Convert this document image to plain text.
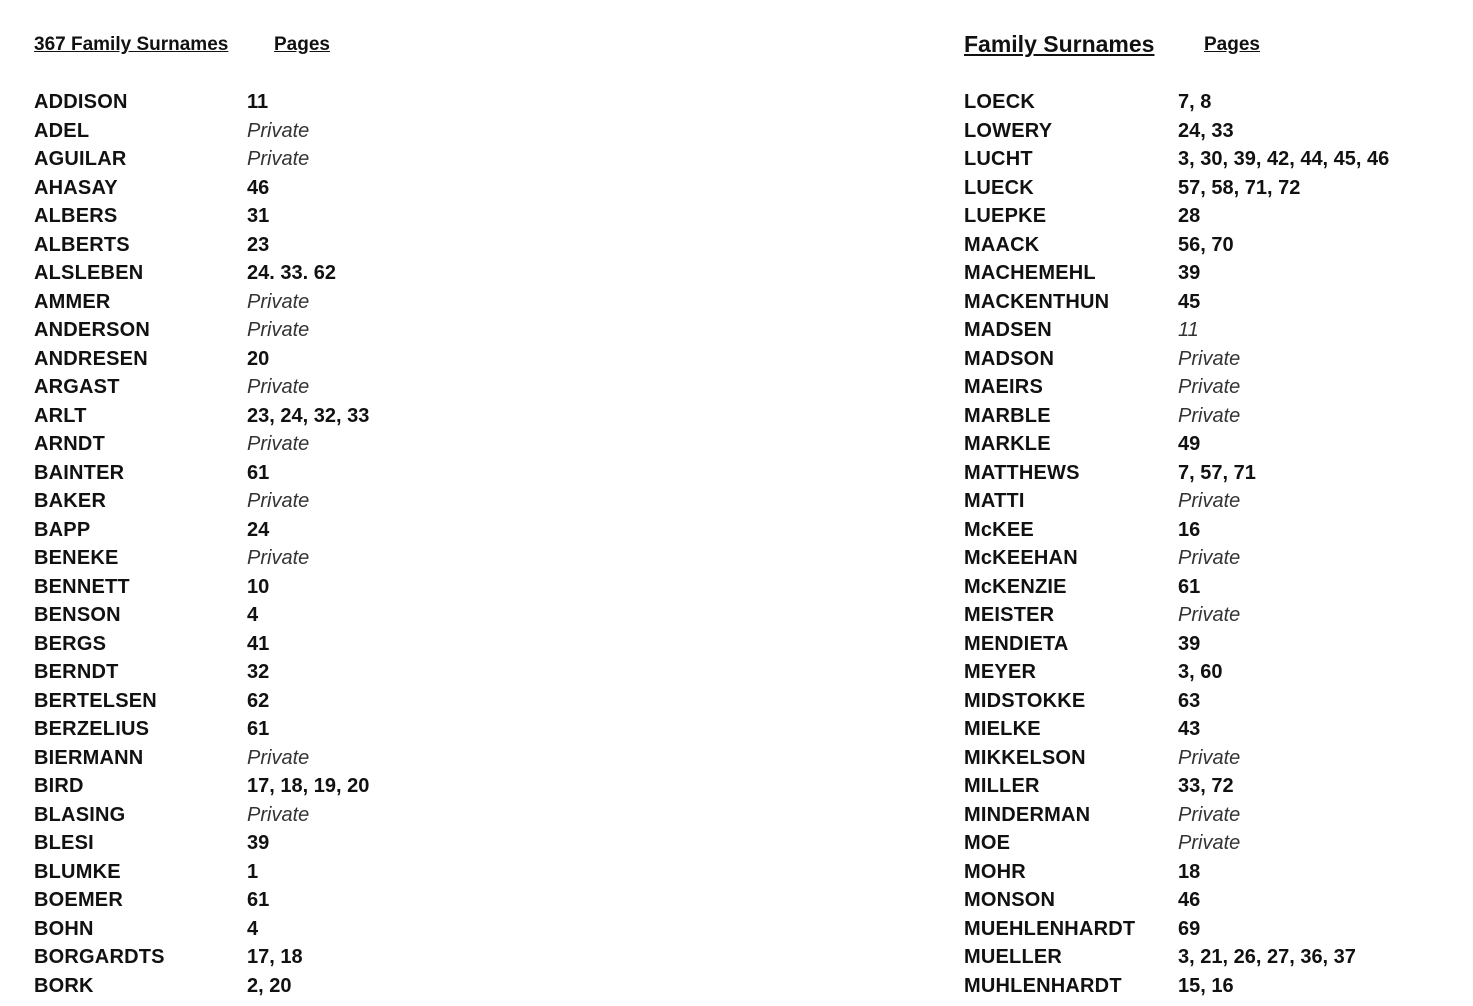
367 Family Surnames Pages
ADDISON	11
ADEL	Private
AGUILAR	Private
AHASAY	46
ALBERS	31
ALBERTS	23
ALSLEBEN	24. 33. 62
AMMER	Private
ANDERSON	Private
ANDRESEN	20
ARGAST	Private
ARLT	23, 24, 32, 33
ARNDT	Private
BAINTER	61
BAKER	Private
BAPP	24
BENEKE	Private
BENNETT	10
BENSON	4
BERGS	41
BERNDT	32
BERTELSEN	62
BERZELIUS	61
BIERMANN	Private
BIRD	17, 18, 19, 20
BLASING	Private
BLESI	39
BLUMKE	1
BOEMER	61
BOHN	4
BORGARDTS	17, 18
BORK	2, 20
Family Surnames	Pages
LOECK	7, 8
LOWERY	24, 33
LUCHT	3, 30, 39, 42, 44, 45, 46
LUECK	57, 58, 71, 72
LUEPKE	28
MAACK	56, 70
MACHEMEHL	39
MACKENTHUN	45
MADSEN	11
MADSON	Private
MAEIRS	Private
MARBLE	Private
MARKLE	49
MATTHEWS	7, 57, 71
MATTI	Private
McKEE	16
McKEEHAN	Private
McKENZIE	61
MEISTER	Private
MENDIETA	39
MEYER	3, 60
MIDSTOKKE	63
MIELKE	43
MIKKELSON	Private
MILLER	33, 72
MINDERMAN	Private
MOE	Private
MOHR	18
MONSON	46
MUEHLENHARDT 69
MUELLER	3, 21, 26, 27, 36, 37
MUHLENHARDT	15, 16
